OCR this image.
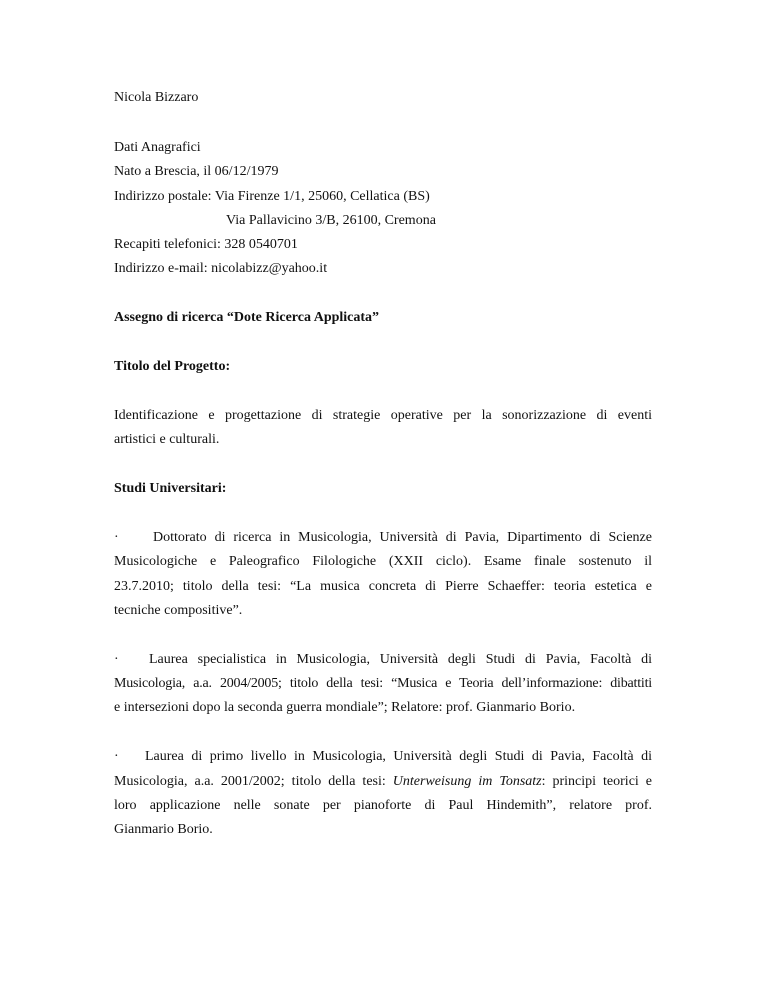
Nicola Bizzaro
Dati Anagrafici
Nato a Brescia, il 06/12/1979
Indirizzo postale: Via Firenze 1/1, 25060, Cellatica (BS)
Via Pallavicino 3/B, 26100, Cremona
Recapiti telefonici: 328 0540701
Indirizzo e-mail: nicolabizz@yahoo.it
Assegno di ricerca “Dote Ricerca Applicata”
Titolo del Progetto:
Identificazione e progettazione di strategie operative per la sonorizzazione di eventi
artistici e culturali.
Studi Universitari:
· Dottorato di ricerca in Musicologia, Università di Pavia, Dipartimento di Scienze
Musicologiche e Paleografico Filologiche (XXII ciclo). Esame finale sostenuto il
23.7.2010; titolo della tesi: “La musica concreta di Pierre Schaeffer: teoria estetica e
tecniche compositive”.
· Laurea specialistica in Musicologia, Università degli Studi di Pavia, Facoltà di
Musicologia, a.a. 2004/2005; titolo della tesi: “Musica e Teoria dell’informazione: dibattiti
e intersezioni dopo la seconda guerra mondiale”; Relatore: prof. Gianmario Borio.
· Laurea di primo livello in Musicologia, Università degli Studi di Pavia, Facoltà di
Musicologia, a.a. 2001/2002; titolo della tesi: Unterweisung im Tonsatz: principi teorici e
loro applicazione nelle sonate per pianoforte di Paul Hindemith”, relatore prof.
Gianmario Borio.
